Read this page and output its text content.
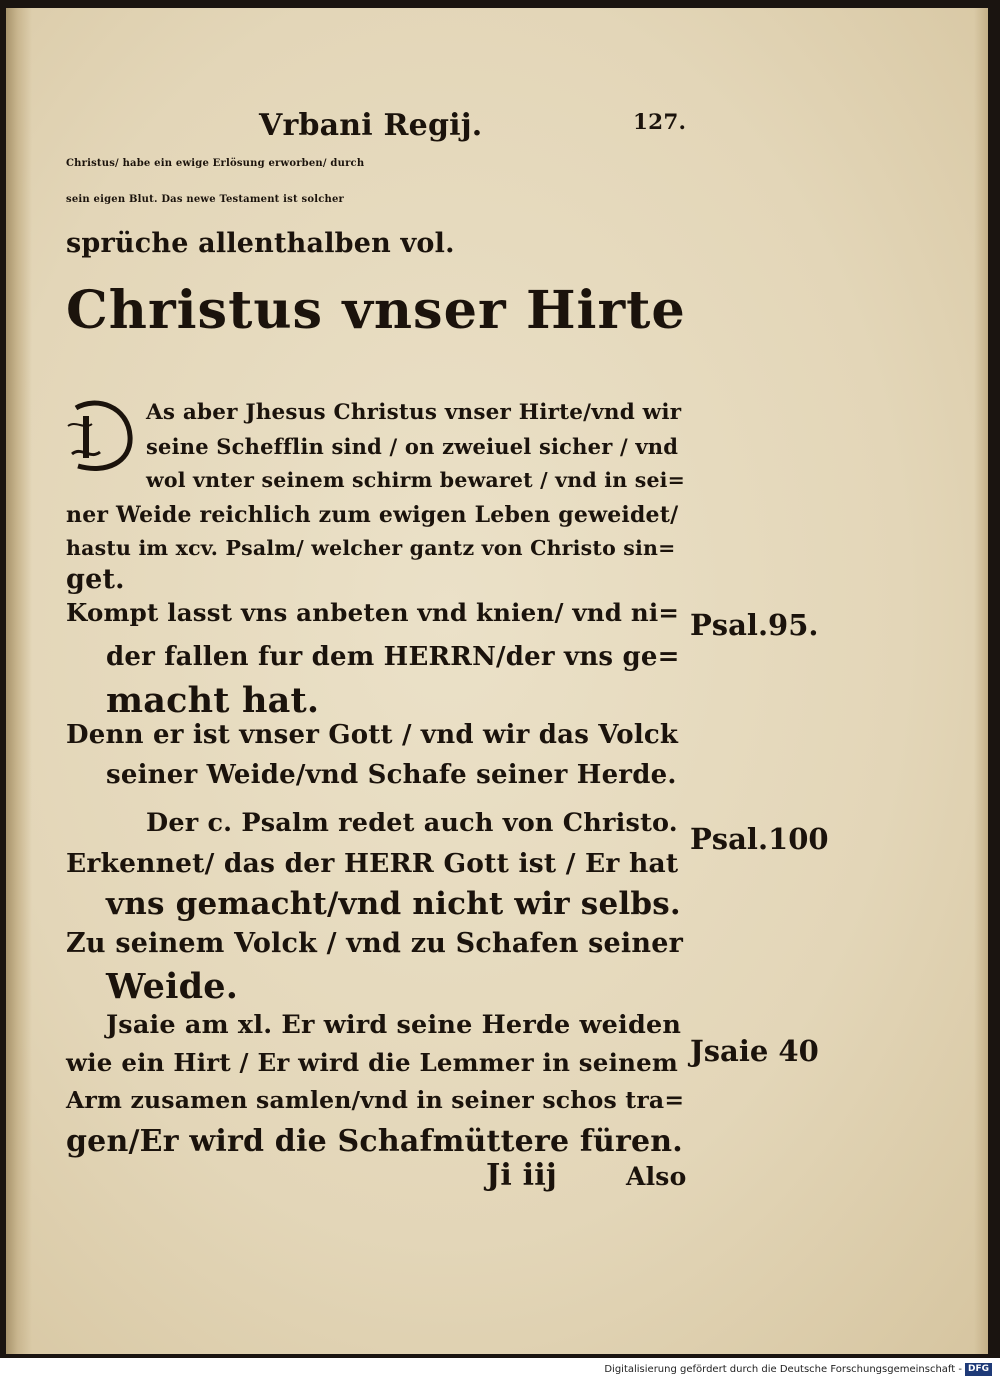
Vrbani Regij.	127.
Christus/ habe ein ewige Erlösung erworben/ durch
sein eigen Blut. Das newe Testament ist solcher
sprüche allenthalben vol.
Christus vnser Hirte
As aber Jhesus Christus vnser Hirte/vnd wir
seine Schefflin sind / on zweiuel sicher / vnd
wol vnter seinem schirm bewaret / vnd in sei=
ner Weide reichlich zum ewigen Leben geweidet/
hastu im xcv. Psalm/ welcher gantz von Christo sin=
get.
Kompt lasst vns anbeten vnd knien/ vnd ni=
der fallen fur dem HERRN/der vns ge=
macht hat.
Denn er ist vnser Gott / vnd wir das Volck
seiner Weide/vnd Schafe seiner Herde.
Der c. Psalm redet auch von Christo.
Erkennet/ das der HERR Gott ist / Er hat
vns gemacht/vnd nicht wir selbs.
Zu seinem Volck / vnd zu Schafen seiner
Weide.
Jsaie am xl. Er wird seine Herde weiden
wie ein Hirt / Er wird die Lemmer in seinem
Arm zusamen samlen/vnd in seiner schos tra=
gen/Er wird die Schafmüttere füren.
Psal.95.
Psal.100
Jsaie 40
Ji iij	Also
Digitalisierung gefördert durch die Deutsche Forschungsgemeinschaft - DFG
